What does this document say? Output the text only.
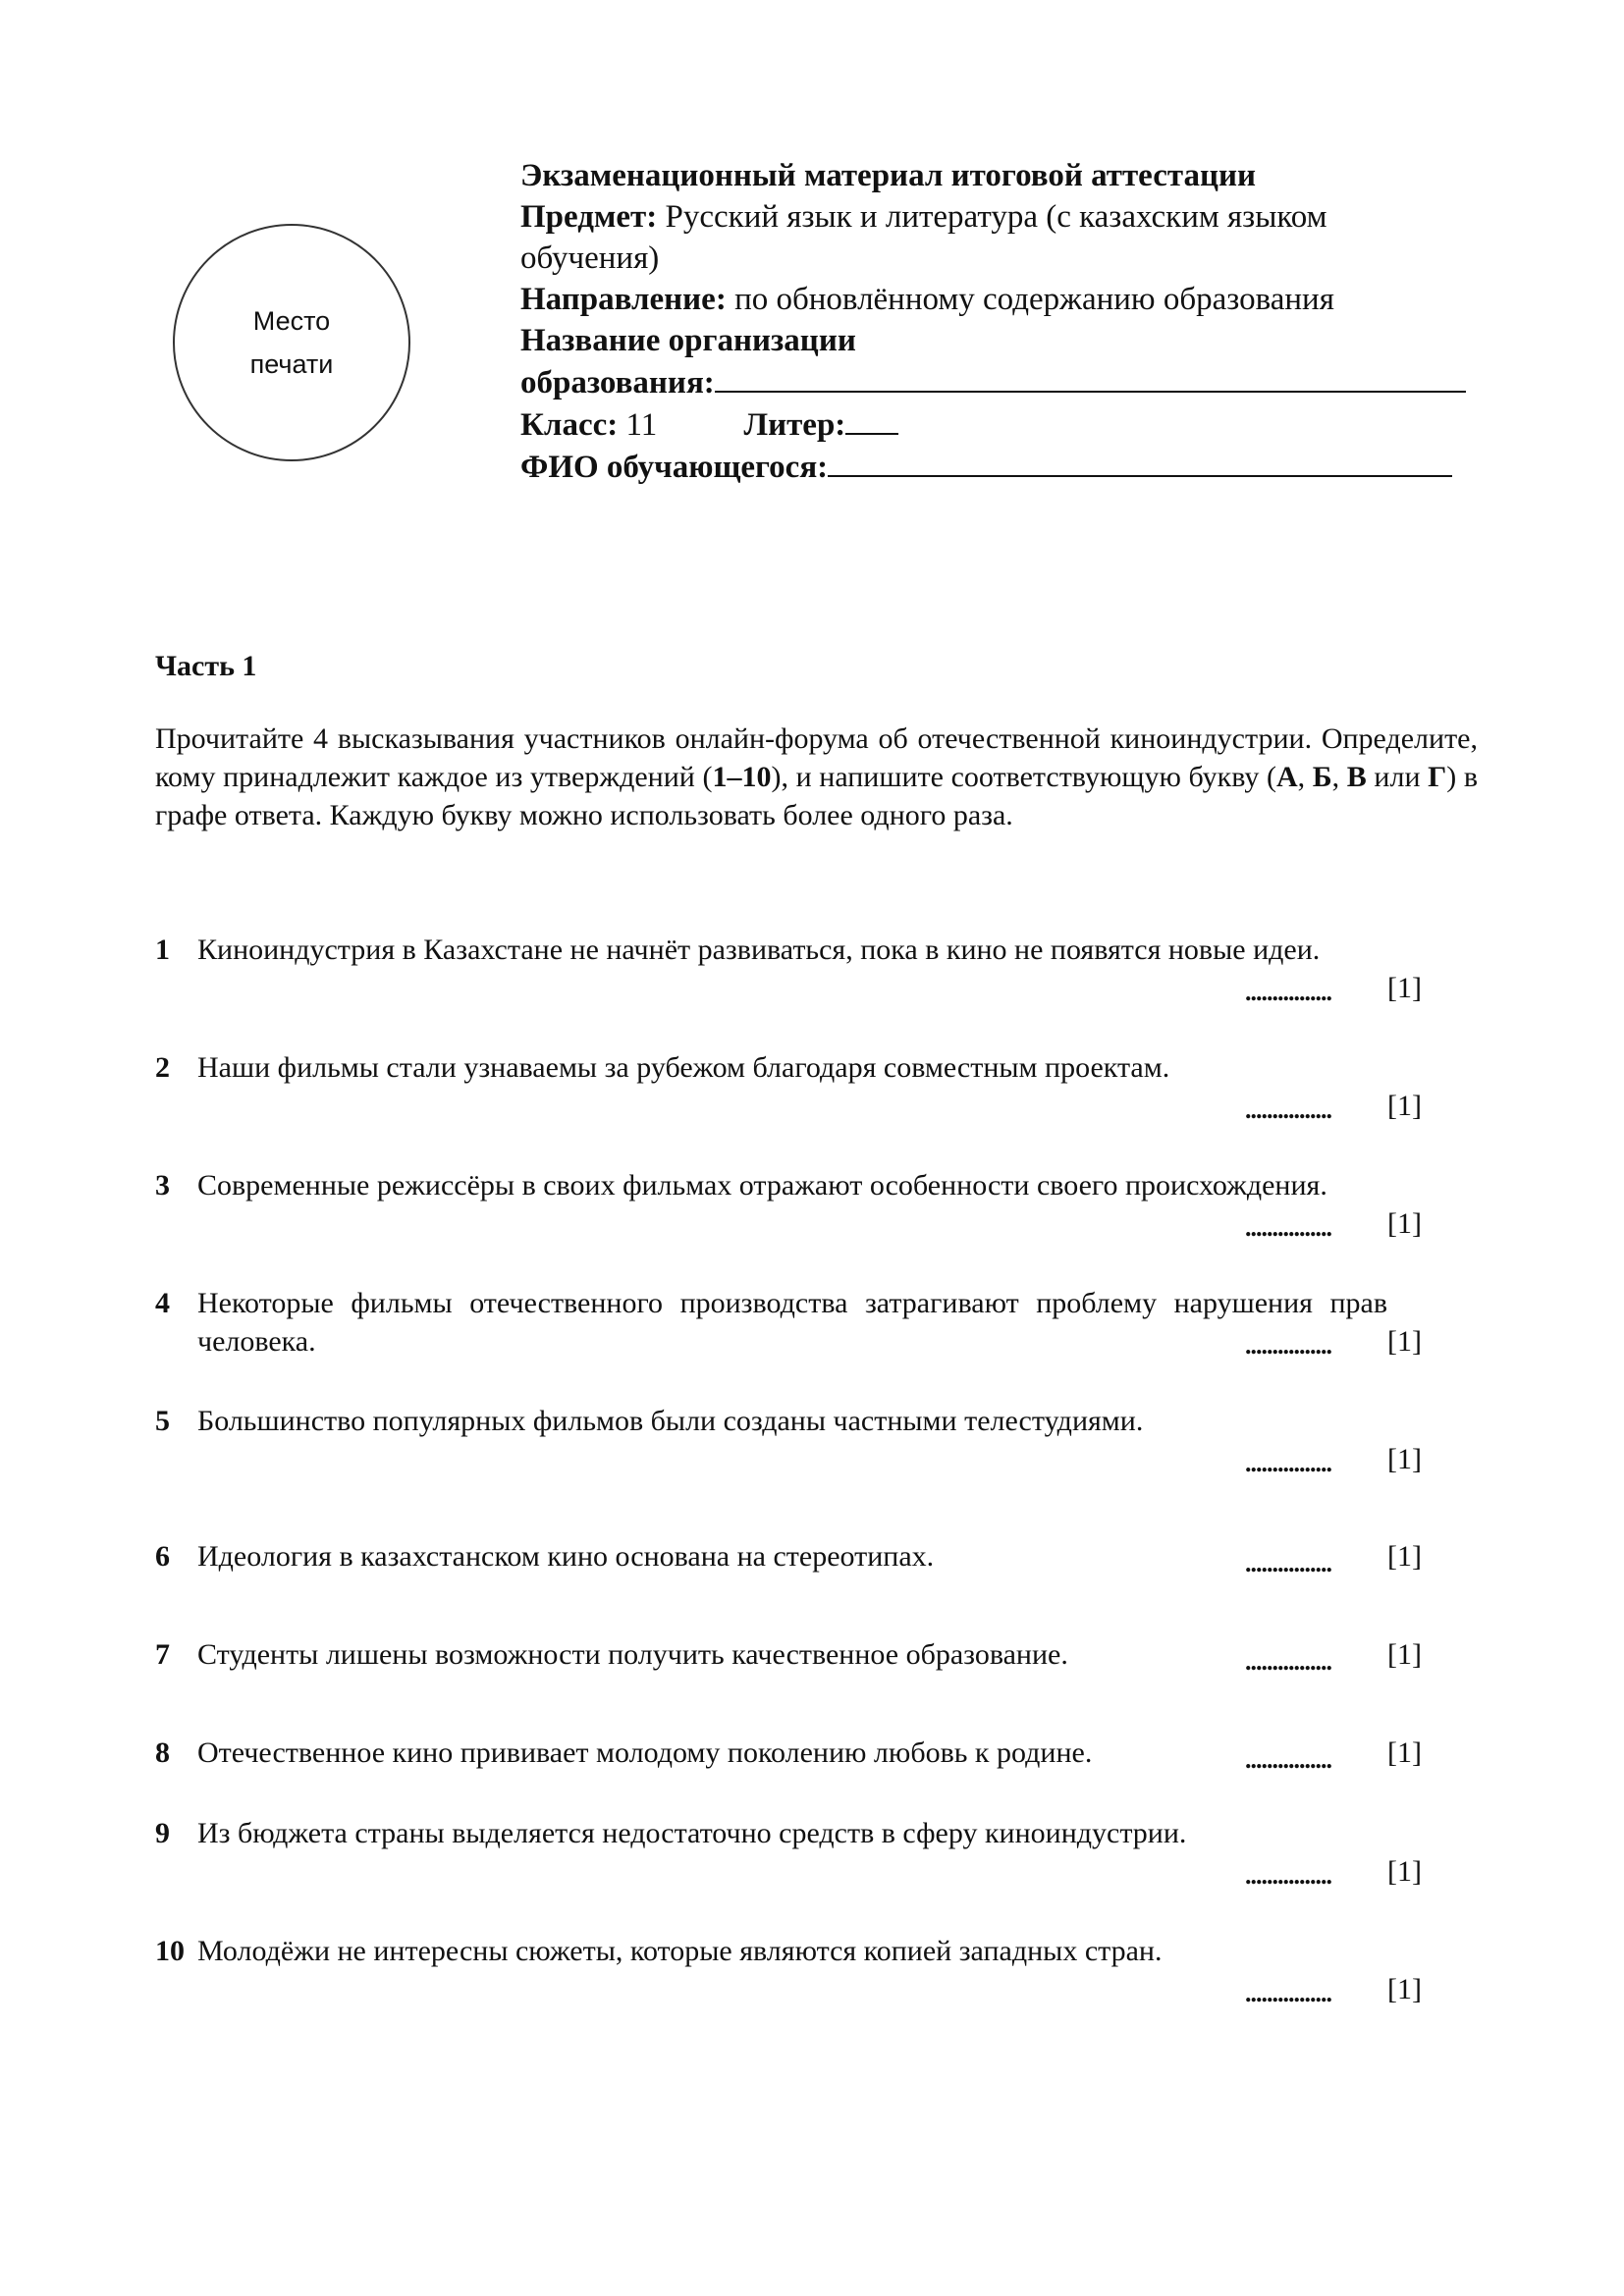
Место
печати
Экзаменационный материал итоговой аттестации
Предмет: Русский язык и литература (с казахским языком
обучения)
Направление: по обновлённому содержанию образования
Название организации
образования:
Класс: 11	Литер:
ФИО обучающегося:
Часть 1
Прочитайте 4 высказывания участников онлайн-форума об отечественной киноиндустрии. Определите, кому принадлежит каждое из утверждений (1–10), и напишите соответствующую букву (А, Б, В или Г) в графе ответа. Каждую букву можно использовать более одного раза.
1 Киноиндустрия в Казахстане не начнёт развиваться, пока в кино не появятся новые идеи.
................ [1]
2 Наши фильмы стали узнаваемы за рубежом благодаря совместным проектам.
................ [1]
3 Современные режиссёры в своих фильмах отражают особенности своего происхождения.
................ [1]
4 Некоторые фильмы отечественного производства затрагивают проблему нарушения прав человека.	................ [1]
5 Большинство популярных фильмов были созданы частными телестудиями.
................ [1]
6 Идеология в казахстанском кино основана на стереотипах.	................ [1]
7 Студенты лишены возможности получить качественное образование.	................ [1]
8 Отечественное кино прививает молодому поколению любовь к родине.	................ [1]
9 Из бюджета страны выделяется недостаточно средств в сферу киноиндустрии.
................ [1]
10 Молодёжи не интересны сюжеты, которые являются копией западных стран.
................ [1]
